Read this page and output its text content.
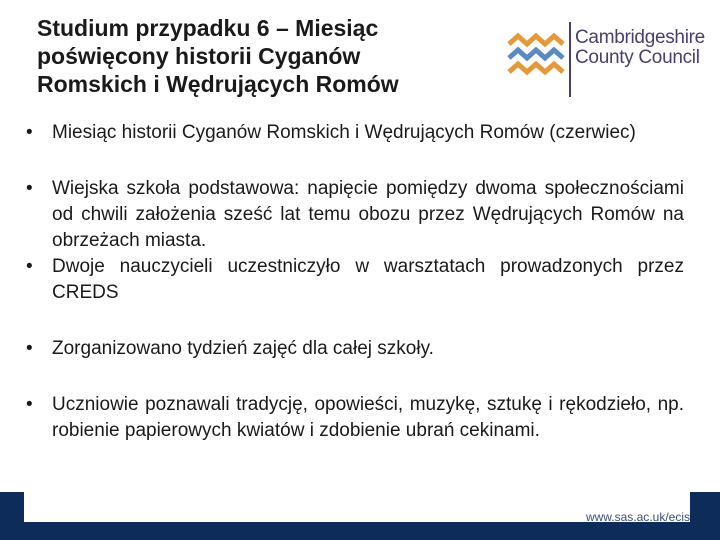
Studium przypadku 6 – Miesiąc
poświęcony historii Cyganów
Romskich i Wędrujących Romów
Cambridgeshire
County Council
www.sas.ac.uk/ecis
• Miesiąc historii Cyganów Romskich i Wędrujących Romów (czerwiec)
• Wiejska szkoła podstawowa: napięcie pomiędzy dwoma społecznościami od chwili założenia sześć lat temu obozu przez Wędrujących Romów na obrzeżach miasta.
• Dwoje nauczycieli uczestniczyło w warsztatach prowadzonych przez CREDS
• Zorganizowano tydzień zajęć dla całej szkoły.
• Uczniowie poznawali tradycję, opowieści, muzykę, sztukę i rękodzieło, np. robienie papierowych kwiatów i zdobienie ubrań cekinami.
